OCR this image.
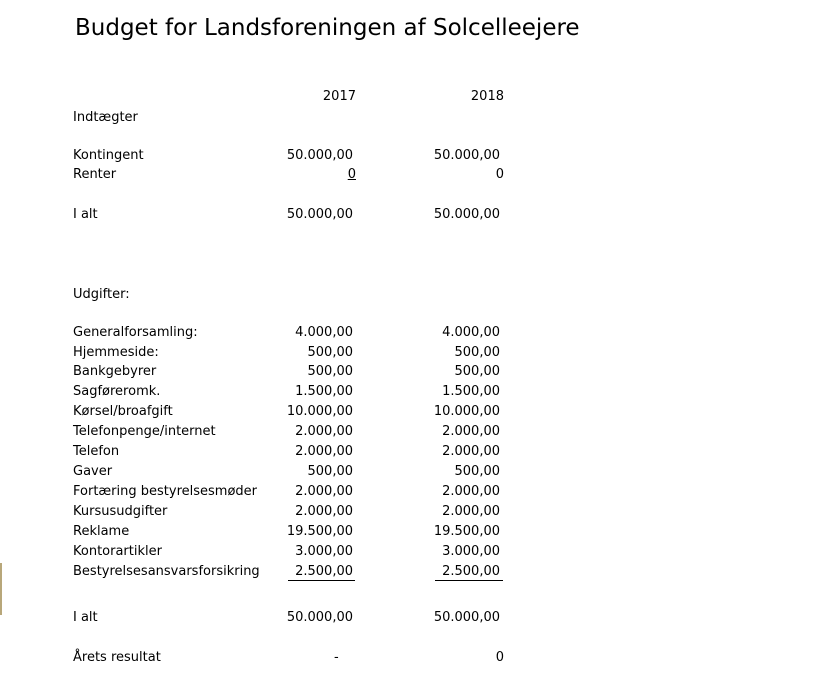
Budget for Landsforeningen af Solcelleejere
2017	2018
Indtægter
Kontingent	50.000,00	50.000,00
Renter	0	0
I alt	50.000,00	50.000,00
Udgifter:
Generalforsamling:	4.000,00	4.000,00
Hjemmeside:	500,00	500,00
Bankgebyrer	500,00	500,00
Sagføreromk.	1.500,00	1.500,00
Kørsel/broafgift	10.000,00	10.000,00
Telefonpenge/internet	2.000,00	2.000,00
Telefon	2.000,00	2.000,00
Gaver	500,00	500,00
Fortæring bestyrelsesmøder	2.000,00	2.000,00
Kursusudgifter	2.000,00	2.000,00
Reklame	19.500,00	19.500,00
Kontorartikler	3.000,00	3.000,00
Bestyrelsesansvarsforsikring	2.500,00	2.500,00
I alt	50.000,00	50.000,00
Årets resultat	-	0
